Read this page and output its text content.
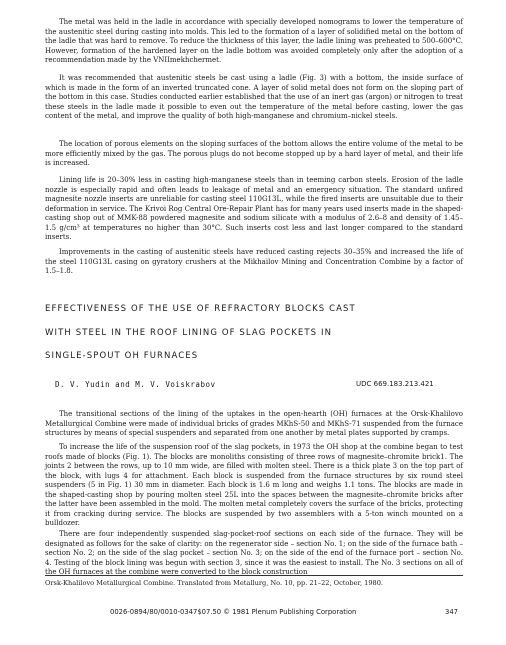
The metal was held in the ladle in accordance with specially developed nomograms to lower the temperature of the austenitic steel during casting into molds. This led to the formation of a layer of solidified metal on the bottom of the ladle that was hard to remove. To reduce the thickness of this layer, the ladle lining was preheated to 500–600°C. However, formation of the hardened layer on the ladle bottom was avoided completely only after the adoption of a recommendation made by the VNIImekhchermet.

It was recommended that austenitic steels be cast using a ladle (Fig. 3) with a bottom, the inside surface of which is made in the form of an inverted truncated cone. A layer of solid metal does not form on the sloping part of the bottom in this case. Studies conducted earlier established that the use of an inert gas (argon) or nitrogen to treat these steels in the ladle made it possible to even out the temperature of the metal before casting, lower the gas content of the metal, and improve the quality of both high-manganese and chromium–nickel steels.

The location of porous elements on the sloping surfaces of the bottom allows the entire volume of the metal to be more efficiently mixed by the gas. The porous plugs do not become stopped up by a hard layer of metal, and their life is increased.

Lining life is 20–30% less in casting high-manganese steels than in teeming carbon steels. Erosion of the ladle nozzle is especially rapid and often leads to leakage of metal and an emergency situation. The standard unfired magnesite nozzle inserts are unreliable for casting steel 110G13L, while the fired inserts are unsuitable due to their deformation in service. The Krivoi Rog Central Ore-Repair Plant has for many years used inserts made in the shaped-casting shop out of MMK-88 powdered magnesite and sodium silicate with a modulus of 2.6–8 and density of 1.45–1.5 g/cm³ at temperatures no higher than 30°C. Such inserts cost less and last longer compared to the standard inserts.

Improvements in the casting of austenitic steels have reduced casting rejects 30–35% and increased the life of the steel 110G13L casing on gyratory crushers at the Mikhailov Mining and Concentration Combine by a factor of 1.5–1.8.

EFFECTIVENESS OF THE USE OF REFRACTORY BLOCKS CAST
WITH STEEL IN THE ROOF LINING OF SLAG POCKETS IN
SINGLE-SPOUT OH FURNACES
D. V. Yudin and M. V. Voiskrabov	UDC 669.183.213.421

The transitional sections of the lining of the uptakes in the open-hearth (OH) furnaces at the Orsk-Khalilovo Metallurgical Combine were made of individual bricks of grades MKhS-50 and MKhS-71 suspended from the furnace structures by means of special suspenders and separated from one another by metal plates supported by cramps.

To increase the life of the suspension roof of the slag pockets, in 1973 the OH shop at the combine began to test roofs made of blocks (Fig. 1). The blocks are monoliths consisting of three rows of magnesite–chromite brick1. The joints 2 between the rows, up to 10 mm wide, are filled with molten steel. There is a thick plate 3 on the top part of the block, with lugs 4 for attachment. Each block is suspended from the furnace structures by six round steel suspenders (5 in Fig. 1) 30 mm in diameter. Each block is 1.6 m long and weighs 1.1 tons. The blocks are made in the shaped-casting shop by pouring molten steel 25L into the spaces between the magnesite–chromite bricks after the latter have been assembled in the mold. The molten metal completely covers the surface of the bricks, protecting it from cracking during service. The blocks are suspended by two assemblers with a 5-ton winch mounted on a bulldozer.

There are four independently suspended slag-pocket-roof sections on each side of the furnace. They will be designated as follows for the sake of clarity: on the regenerator side – section No. 1; on the side of the furnace bath – section No. 2; on the side of the slag pocket – section No. 3; on the side of the end of the furnace port – section No. 4. Testing of the block lining was begun with section 3, since it was the easiest to install. The No. 3 sections on all of the OH furnaces at the combine were converted to the block construction

Orsk-Khalilovo Metallurgical Combine. Translated from Metallurg, No. 10, pp. 21–22, October, 1980.
0026-0894/80/0010-0347$07.50 © 1981 Plenum Publishing Corporation	347
